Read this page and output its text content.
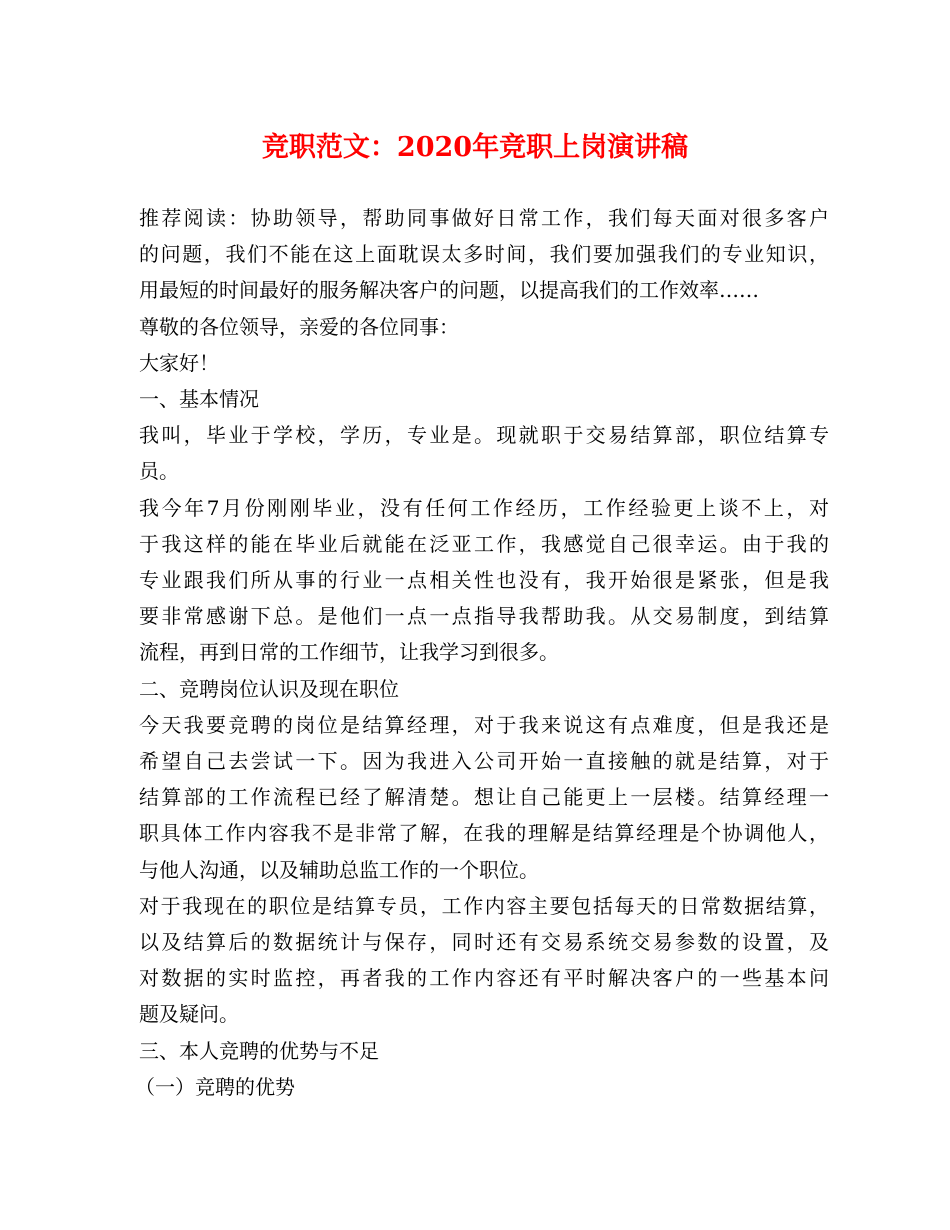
竞职范文：2020年竞职上岗演讲稿
推荐阅读：协助领导，帮助同事做好日常工作，我们每天面对很多客户
的问题，我们不能在这上面耽误太多时间，我们要加强我们的专业知识，
用最短的时间最好的服务解决客户的问题，以提高我们的工作效率……
尊敬的各位领导，亲爱的各位同事：
大家好！
一、基本情况
我叫，毕业于学校，学历，专业是。现就职于交易结算部，职位结算专
员。
我今年7月份刚刚毕业，没有任何工作经历，工作经验更上谈不上，对
于我这样的能在毕业后就能在泛亚工作，我感觉自己很幸运。由于我的
专业跟我们所从事的行业一点相关性也没有，我开始很是紧张，但是我
要非常感谢下总。是他们一点一点指导我帮助我。从交易制度，到结算
流程，再到日常的工作细节，让我学习到很多。
二、竞聘岗位认识及现在职位
今天我要竞聘的岗位是结算经理，对于我来说这有点难度，但是我还是
希望自己去尝试一下。因为我进入公司开始一直接触的就是结算，对于
结算部的工作流程已经了解清楚。想让自己能更上一层楼。结算经理一
职具体工作内容我不是非常了解，在我的理解是结算经理是个协调他人，
与他人沟通，以及辅助总监工作的一个职位。
对于我现在的职位是结算专员，工作内容主要包括每天的日常数据结算，
以及结算后的数据统计与保存，同时还有交易系统交易参数的设置，及
对数据的实时监控，再者我的工作内容还有平时解决客户的一些基本问
题及疑问。
三、本人竞聘的优势与不足
（一）竞聘的优势
